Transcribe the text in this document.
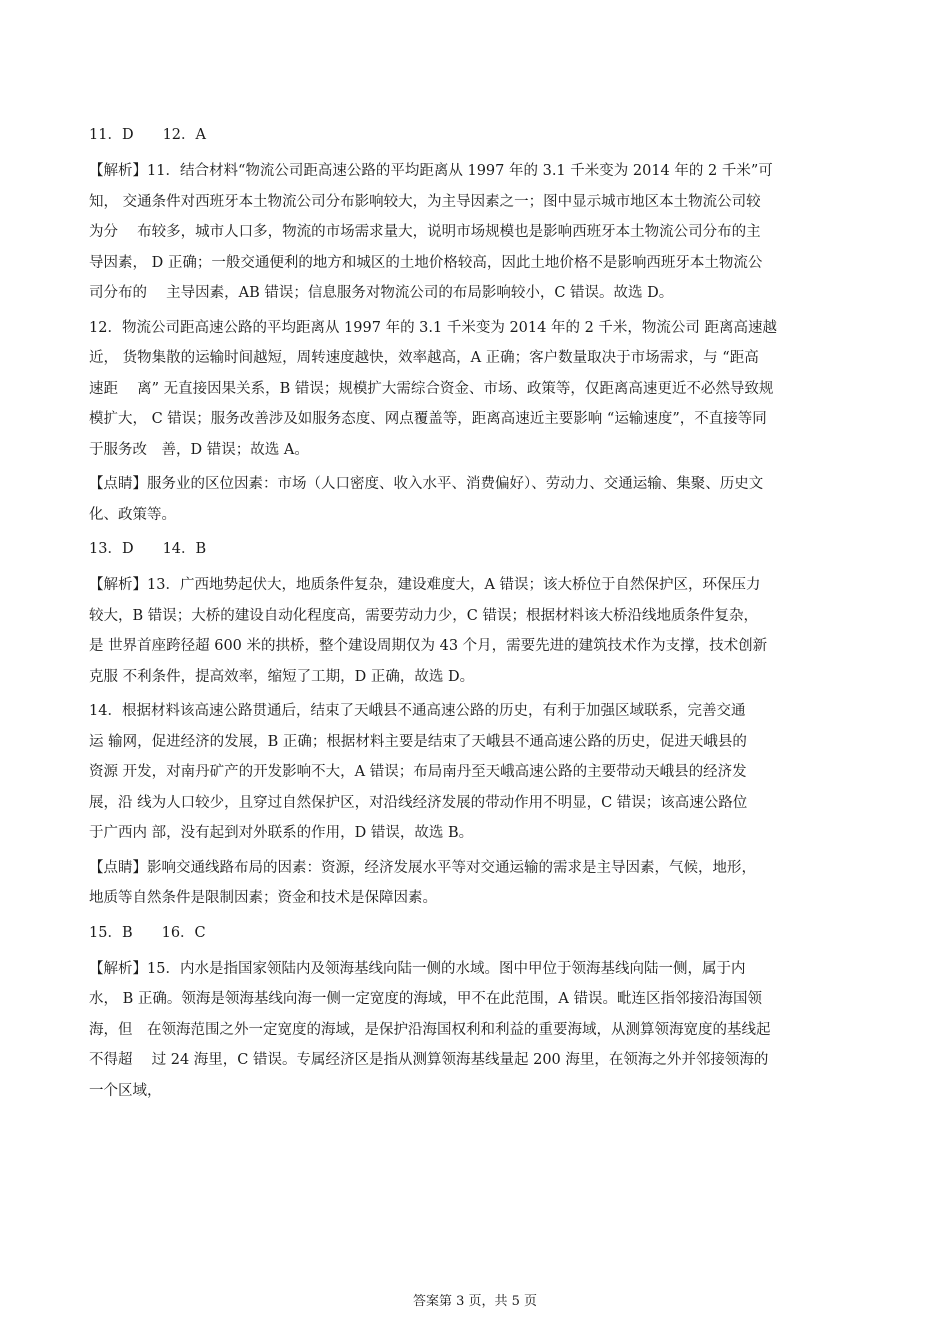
11．D　　12．A
【解析】11．结合材料“物流公司距高速公路的平均距离从 1997 年的 3.1 千米变为 2014 年的 2 千米”可
知， 交通条件对西班牙本土物流公司分布影响较大，为主导因素之一；图中显示城市地区本土物流公司较
为分　 布较多，城市人口多，物流的市场需求量大，说明市场规模也是影响西班牙本土物流公司分布的主
导因素， D 正确；一般交通便利的地方和城区的土地价格较高，因此土地价格不是影响西班牙本土物流公
司分布的　 主导因素，AB 错误；信息服务对物流公司的布局影响较小，C 错误。故选 D。
12．物流公司距高速公路的平均距离从 1997 年的 3.1 千米变为 2014 年的 2 千米，物流公司 距离高速越
近， 货物集散的运输时间越短，周转速度越快，效率越高，A 正确；客户数量取决于市场需求，与 “距高
速距　 离” 无直接因果关系，B 错误；规模扩大需综合资金、市场、政策等，仅距离高速更近不必然导致规
模扩大， C 错误；服务改善涉及如服务态度、网点覆盖等，距离高速近主要影响 “运输速度”，不直接等同
于服务改　善，D 错误；故选 A。
【点睛】服务业的区位因素：市场（人口密度、收入水平、消费偏好）、劳动力、交通运输、集聚、历史文
化、政策等。
13．D　　14．B
【解析】13．广西地势起伏大，地质条件复杂，建设难度大，A 错误；该大桥位于自然保护区，环保压力
较大，B 错误；大桥的建设自动化程度高，需要劳动力少，C 错误；根据材料该大桥沿线地质条件复杂，
是 世界首座跨径超 600 米的拱桥，整个建设周期仅为 43 个月，需要先进的建筑技术作为支撑，技术创新
克服 不利条件，提高效率，缩短了工期，D 正确，故选 D。
14．根据材料该高速公路贯通后，结束了天峨县不通高速公路的历史，有利于加强区域联系，完善交通
运 输网，促进经济的发展，B 正确；根据材料主要是结束了天峨县不通高速公路的历史，促进天峨县的
资源 开发，对南丹矿产的开发影响不大，A 错误；布局南丹至天峨高速公路的主要带动天峨县的经济发
展，沿 线为人口较少，且穿过自然保护区，对沿线经济发展的带动作用不明显，C 错误；该高速公路位
于广西内 部，没有起到对外联系的作用，D 错误，故选 B。
【点睛】影响交通线路布局的因素：资源，经济发展水平等对交通运输的需求是主导因素，气候，地形，
地质等自然条件是限制因素；资金和技术是保障因素。
15．B　　16．C
【解析】15．内水是指国家领陆内及领海基线向陆一侧的水域。图中甲位于领海基线向陆一侧，属于内
水， B 正确。领海是领海基线向海一侧一定宽度的海域，甲不在此范围，A 错误。毗连区指邻接沿海国领
海，但　在领海范围之外一定宽度的海域，是保护沿海国权利和利益的重要海域，从测算领海宽度的基线起
不得超　 过 24 海里，C 错误。专属经济区是指从测算领海基线量起 200 海里，在领海之外并邻接领海的
一个区域，
答案第 3 页，共 5 页
